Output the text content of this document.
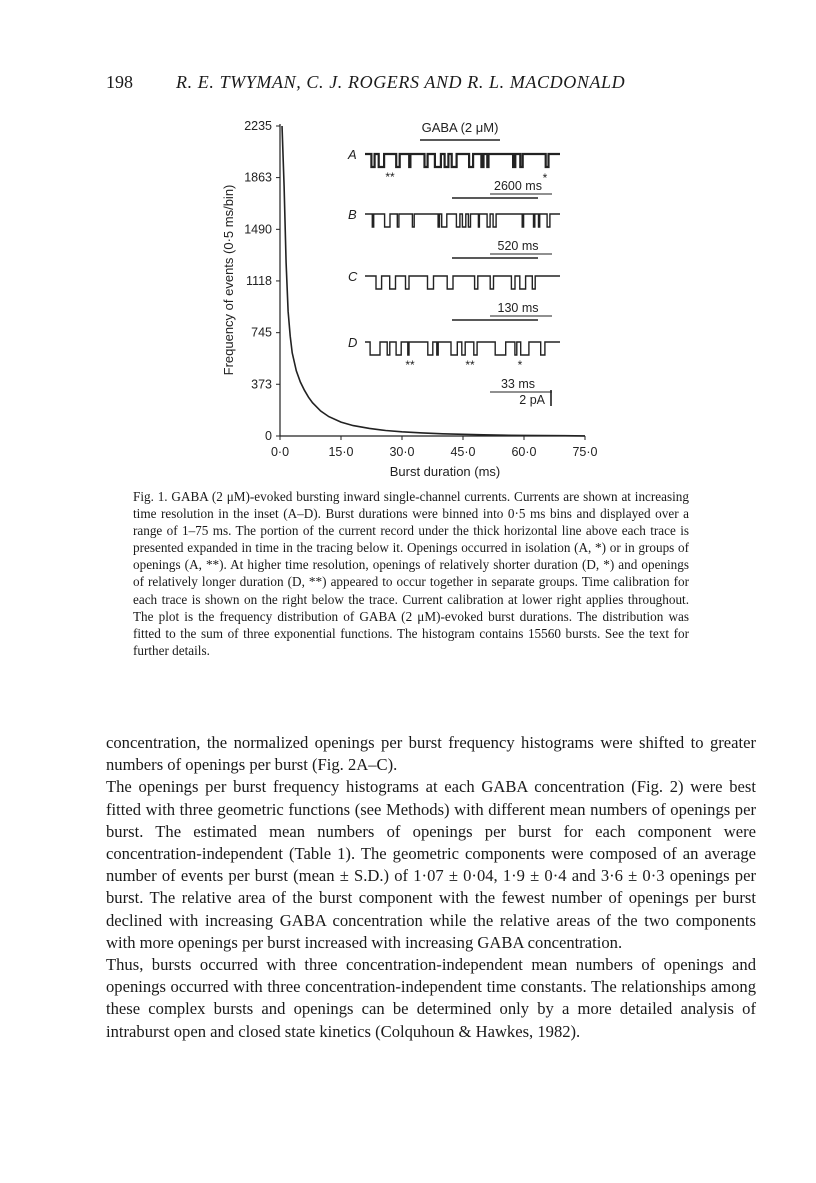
198 R. E. TWYMAN, C. J. ROGERS AND R. L. MACDONALD
0
373
745
1118
1490
1863
2235
0·0	15·0	30·0	45·0	60·0	75·0
Frequency of events (0·5 ms/bin)
Burst duration (ms)
GABA (2 μM)
A
2600 ms
**	*
B
520 ms
C
130 ms
D
33 ms
**	**	*
2 pA

Fig. 1. GABA (2 μM)-evoked bursting inward single-channel currents. Currents are shown at increasing time resolution in the inset (A–D). Burst durations were binned into 0·5 ms bins and displayed over a range of 1–75 ms. The portion of the current record under the thick horizontal line above each trace is presented expanded in time in the tracing below it. Openings occurred in isolation (A, *) or in groups of openings (A, **). At higher time resolution, openings of relatively shorter duration (D, *) and openings of relatively longer duration (D, **) appeared to occur together in separate groups. Time calibration for each trace is shown on the right below the trace. Current calibration at lower right applies throughout. The plot is the frequency distribution of GABA (2 μM)-evoked burst durations. The distribution was fitted to the sum of three exponential functions. The histogram contains 15560 bursts. See the text for further details.

concentration, the normalized openings per burst frequency histograms were shifted to greater numbers of openings per burst (Fig. 2A–C).

The openings per burst frequency histograms at each GABA concentration (Fig. 2) were best fitted with three geometric functions (see Methods) with different mean numbers of openings per burst. The estimated mean numbers of openings per burst for each component were concentration-independent (Table 1). The geometric components were composed of an average number of events per burst (mean ± S.D.) of 1·07 ± 0·04, 1·9 ± 0·4 and 3·6 ± 0·3 openings per burst. The relative area of the burst component with the fewest number of openings per burst declined with increasing GABA concentration while the relative areas of the two components with more openings per burst increased with increasing GABA concentration.

Thus, bursts occurred with three concentration-independent mean numbers of openings and openings occurred with three concentration-independent time constants. The relationships among these complex bursts and openings can be determined only by a more detailed analysis of intraburst open and closed state kinetics (Colquhoun & Hawkes, 1982).
